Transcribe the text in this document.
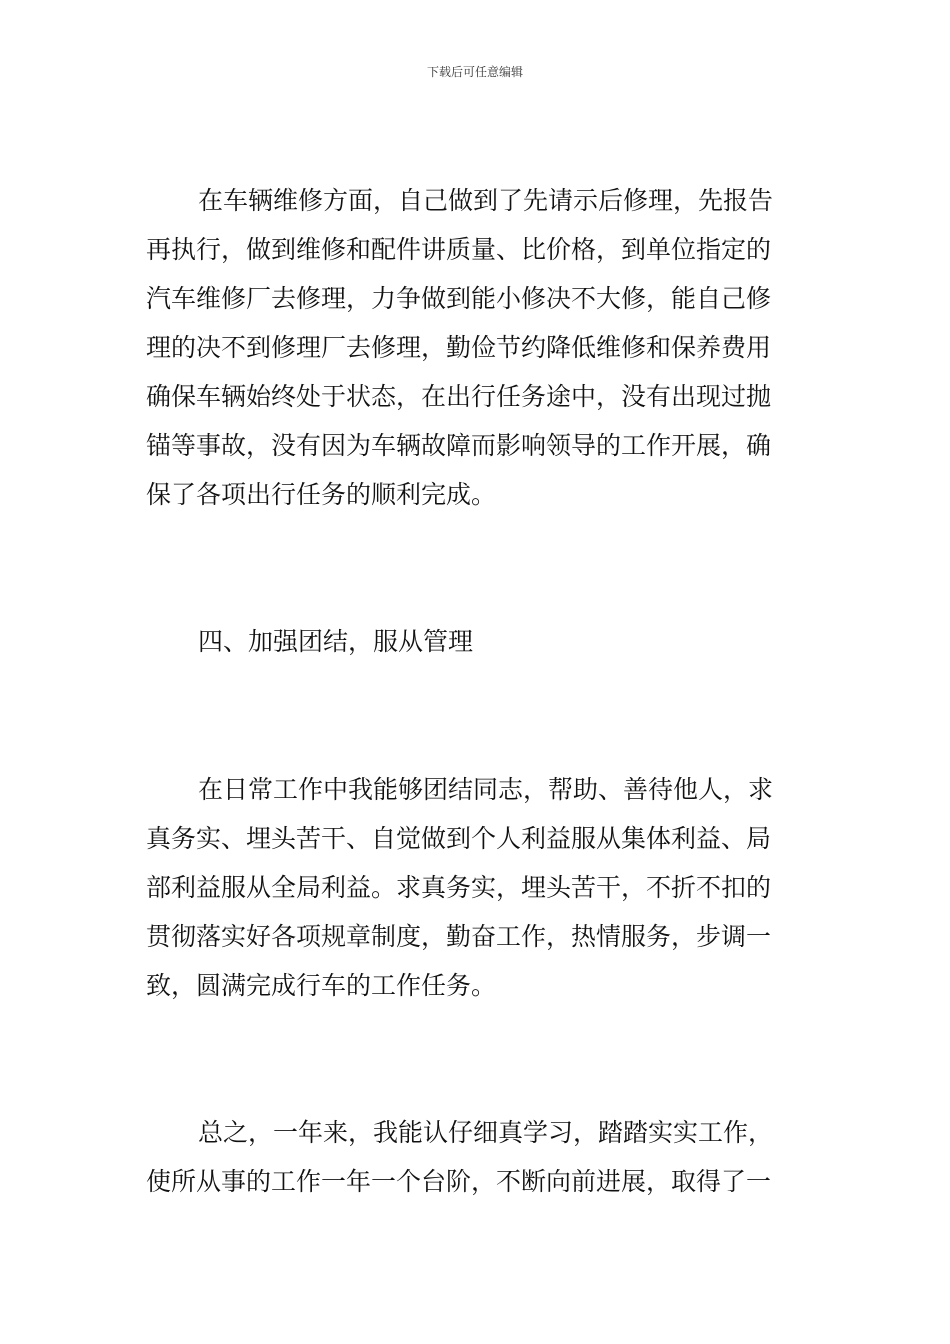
下载后可任意编辑

在车辆维修方面，自己做到了先请示后修理，先报告
再执行，做到维修和配件讲质量、比价格，到单位指定的
汽车维修厂去修理，力争做到能小修决不大修，能自己修
理的决不到修理厂去修理，勤俭节约降低维修和保养费用
确保车辆始终处于状态，在出行任务途中，没有出现过抛
锚等事故，没有因为车辆故障而影响领导的工作开展，确
保了各项出行任务的顺利完成。

四、加强团结，服从管理

在日常工作中我能够团结同志，帮助、善待他人，求
真务实、埋头苦干、自觉做到个人利益服从集体利益、局
部利益服从全局利益。求真务实，埋头苦干，不折不扣的
贯彻落实好各项规章制度，勤奋工作，热情服务，步调一
致，圆满完成行车的工作任务。

总之，一年来，我能认仔细真学习，踏踏实实工作，
使所从事的工作一年一个台阶，不断向前进展，取得了一
